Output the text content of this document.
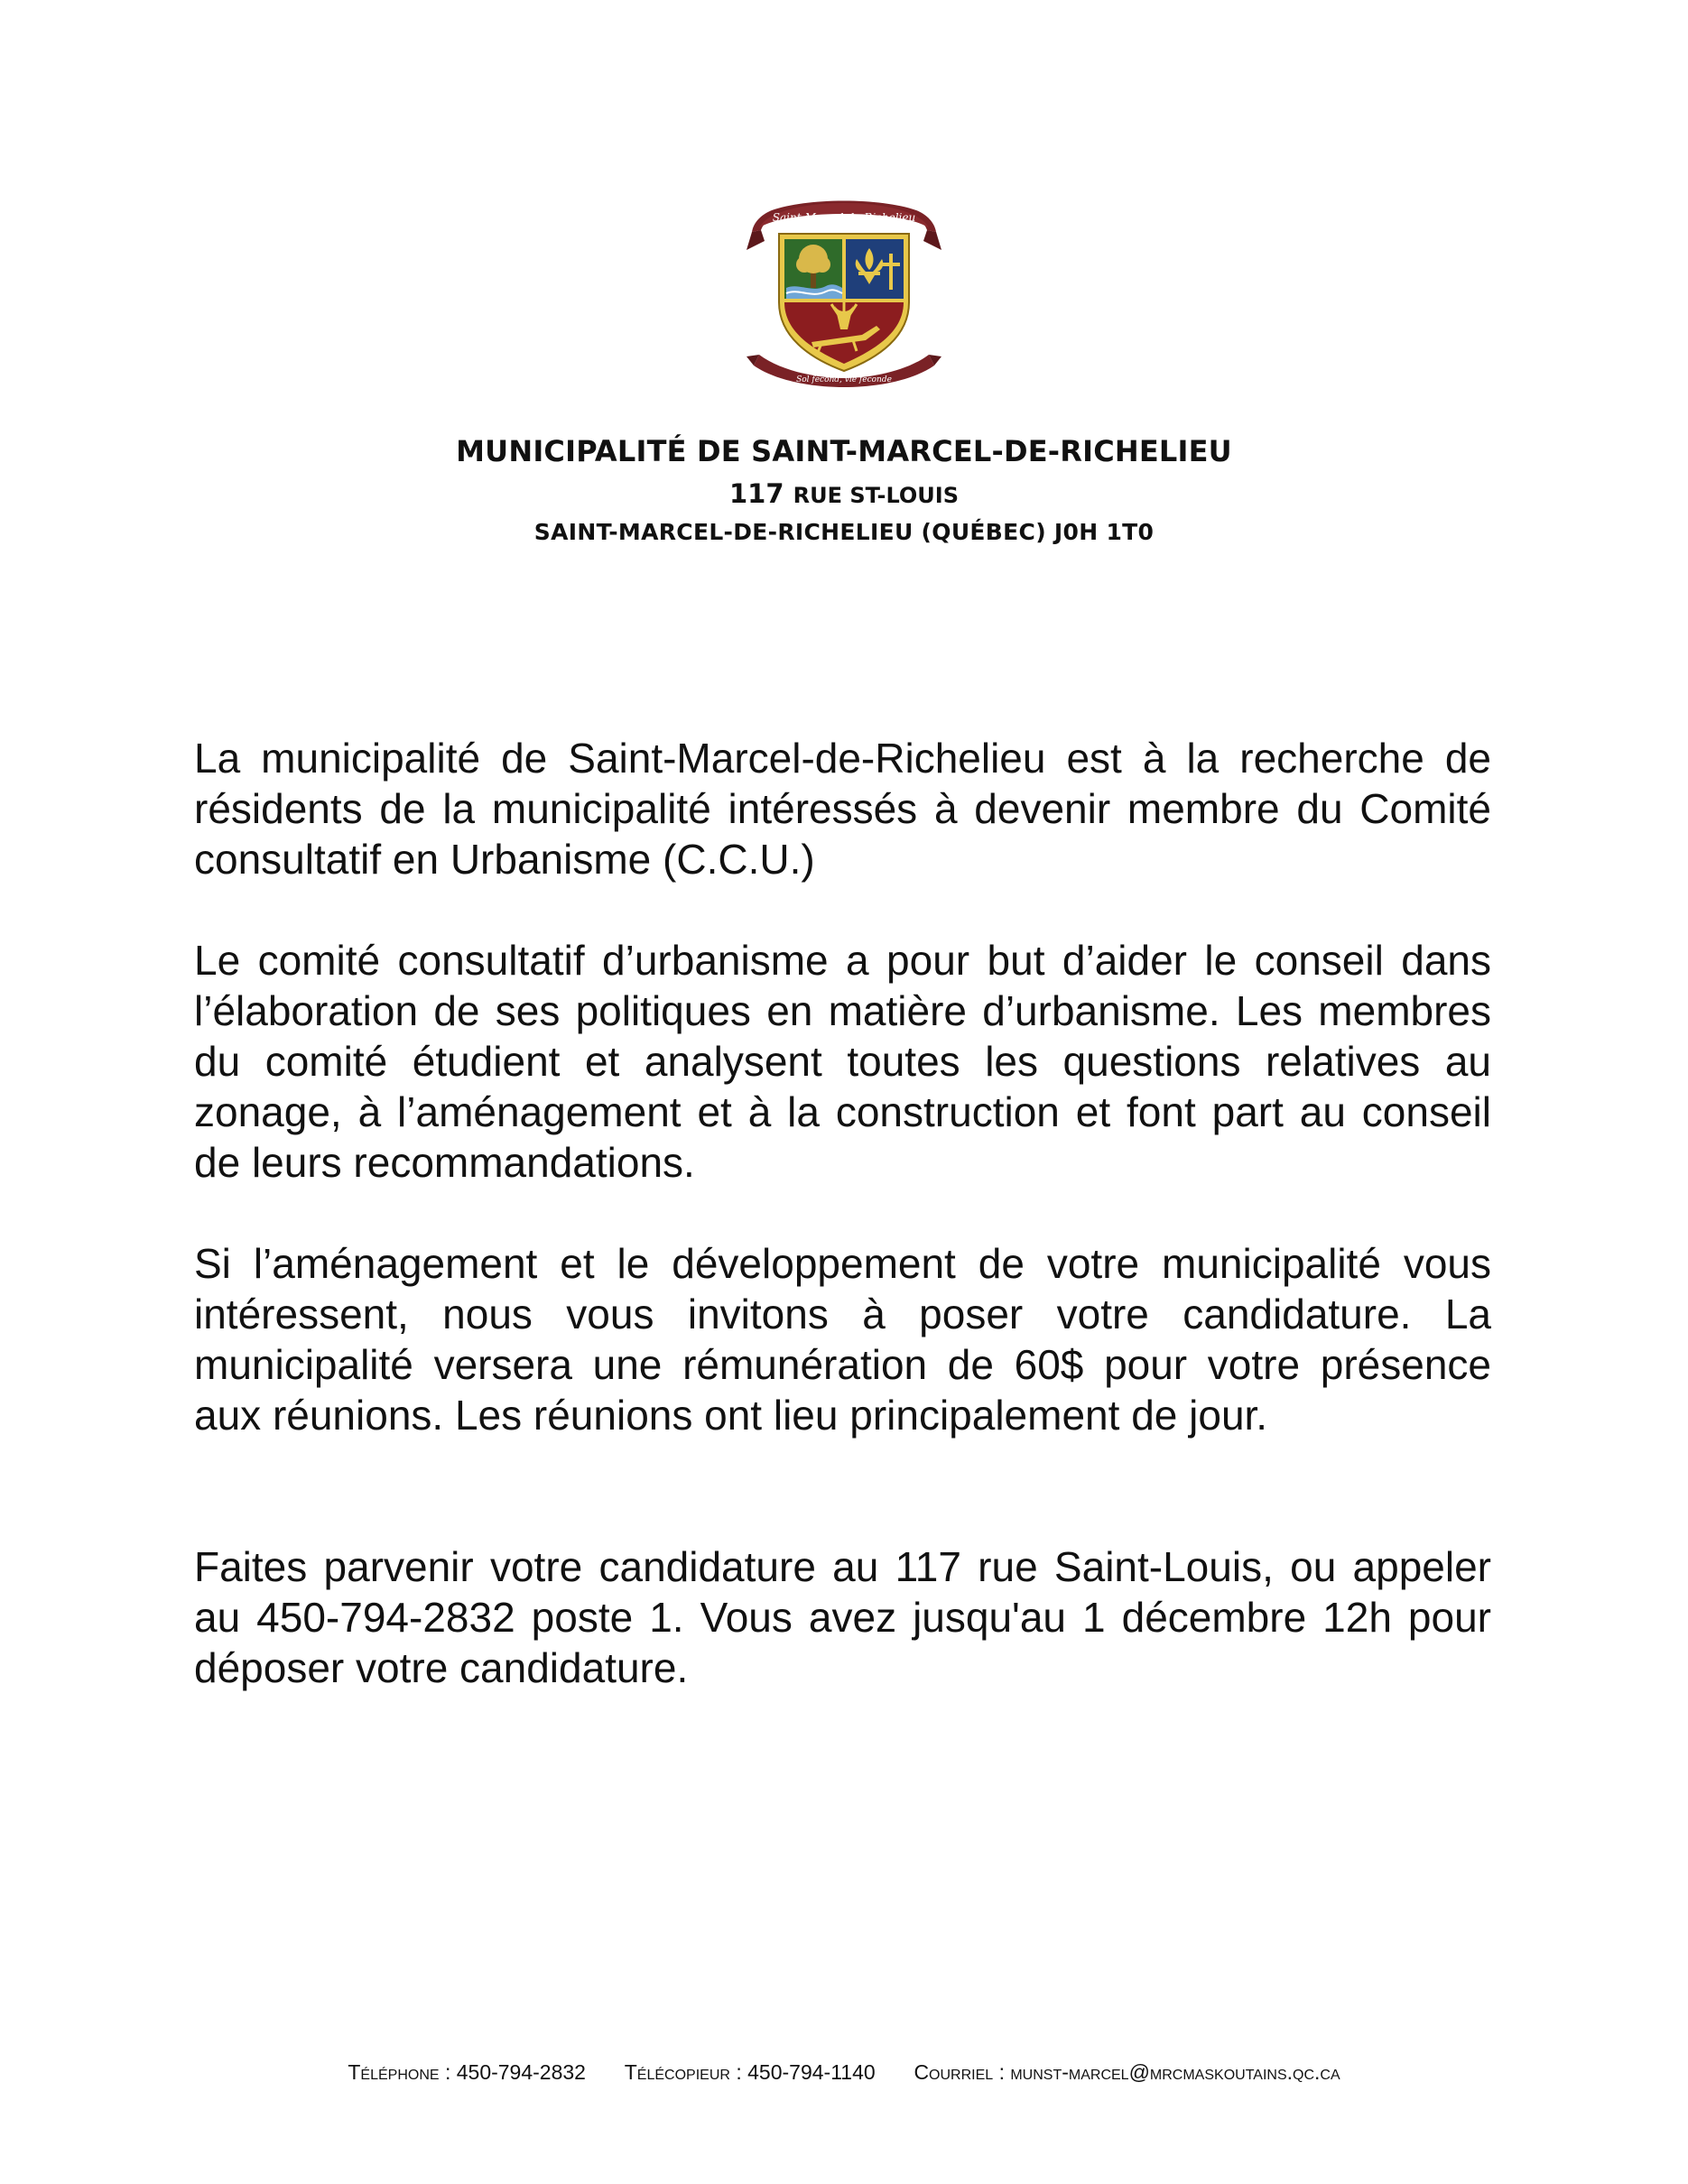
Saint-Marcel-de-Richelieu
Sol fécond, vie féconde
MUNICIPALITÉ DE SAINT-MARCEL-DE-RICHELIEU
117 RUE ST-LOUIS
SAINT-MARCEL-DE-RICHELIEU (QUÉBEC) J0H 1T0

La municipalité de Saint-Marcel-de-Richelieu est à la recherche de résidents de la municipalité intéressés à devenir membre du Comité consultatif en Urbanisme (C.C.U.)

Le comité consultatif d’urbanisme a pour but d’aider le conseil dans l’élaboration de ses politiques en matière d’urbanisme. Les membres du comité étudient et analysent toutes les questions relatives au zonage, à l’aménagement et à la construction et font part au conseil de leurs recommandations.

Si l’aménagement et le développement de votre municipalité vous intéressent, nous vous invitons à poser votre candidature. La municipalité versera une rémunération de 60$ pour votre présence aux réunions. Les réunions ont lieu principalement de jour.

Faites parvenir votre candidature au 117 rue Saint-Louis, ou appeler au 450-794-2832 poste 1. Vous avez jusqu'au 1 décembre 12h pour déposer votre candidature.

Téléphone : 450-794-2832 Télécopieur : 450-794-1140 Courriel : munst-marcel@mrcmaskoutains.qc.ca
